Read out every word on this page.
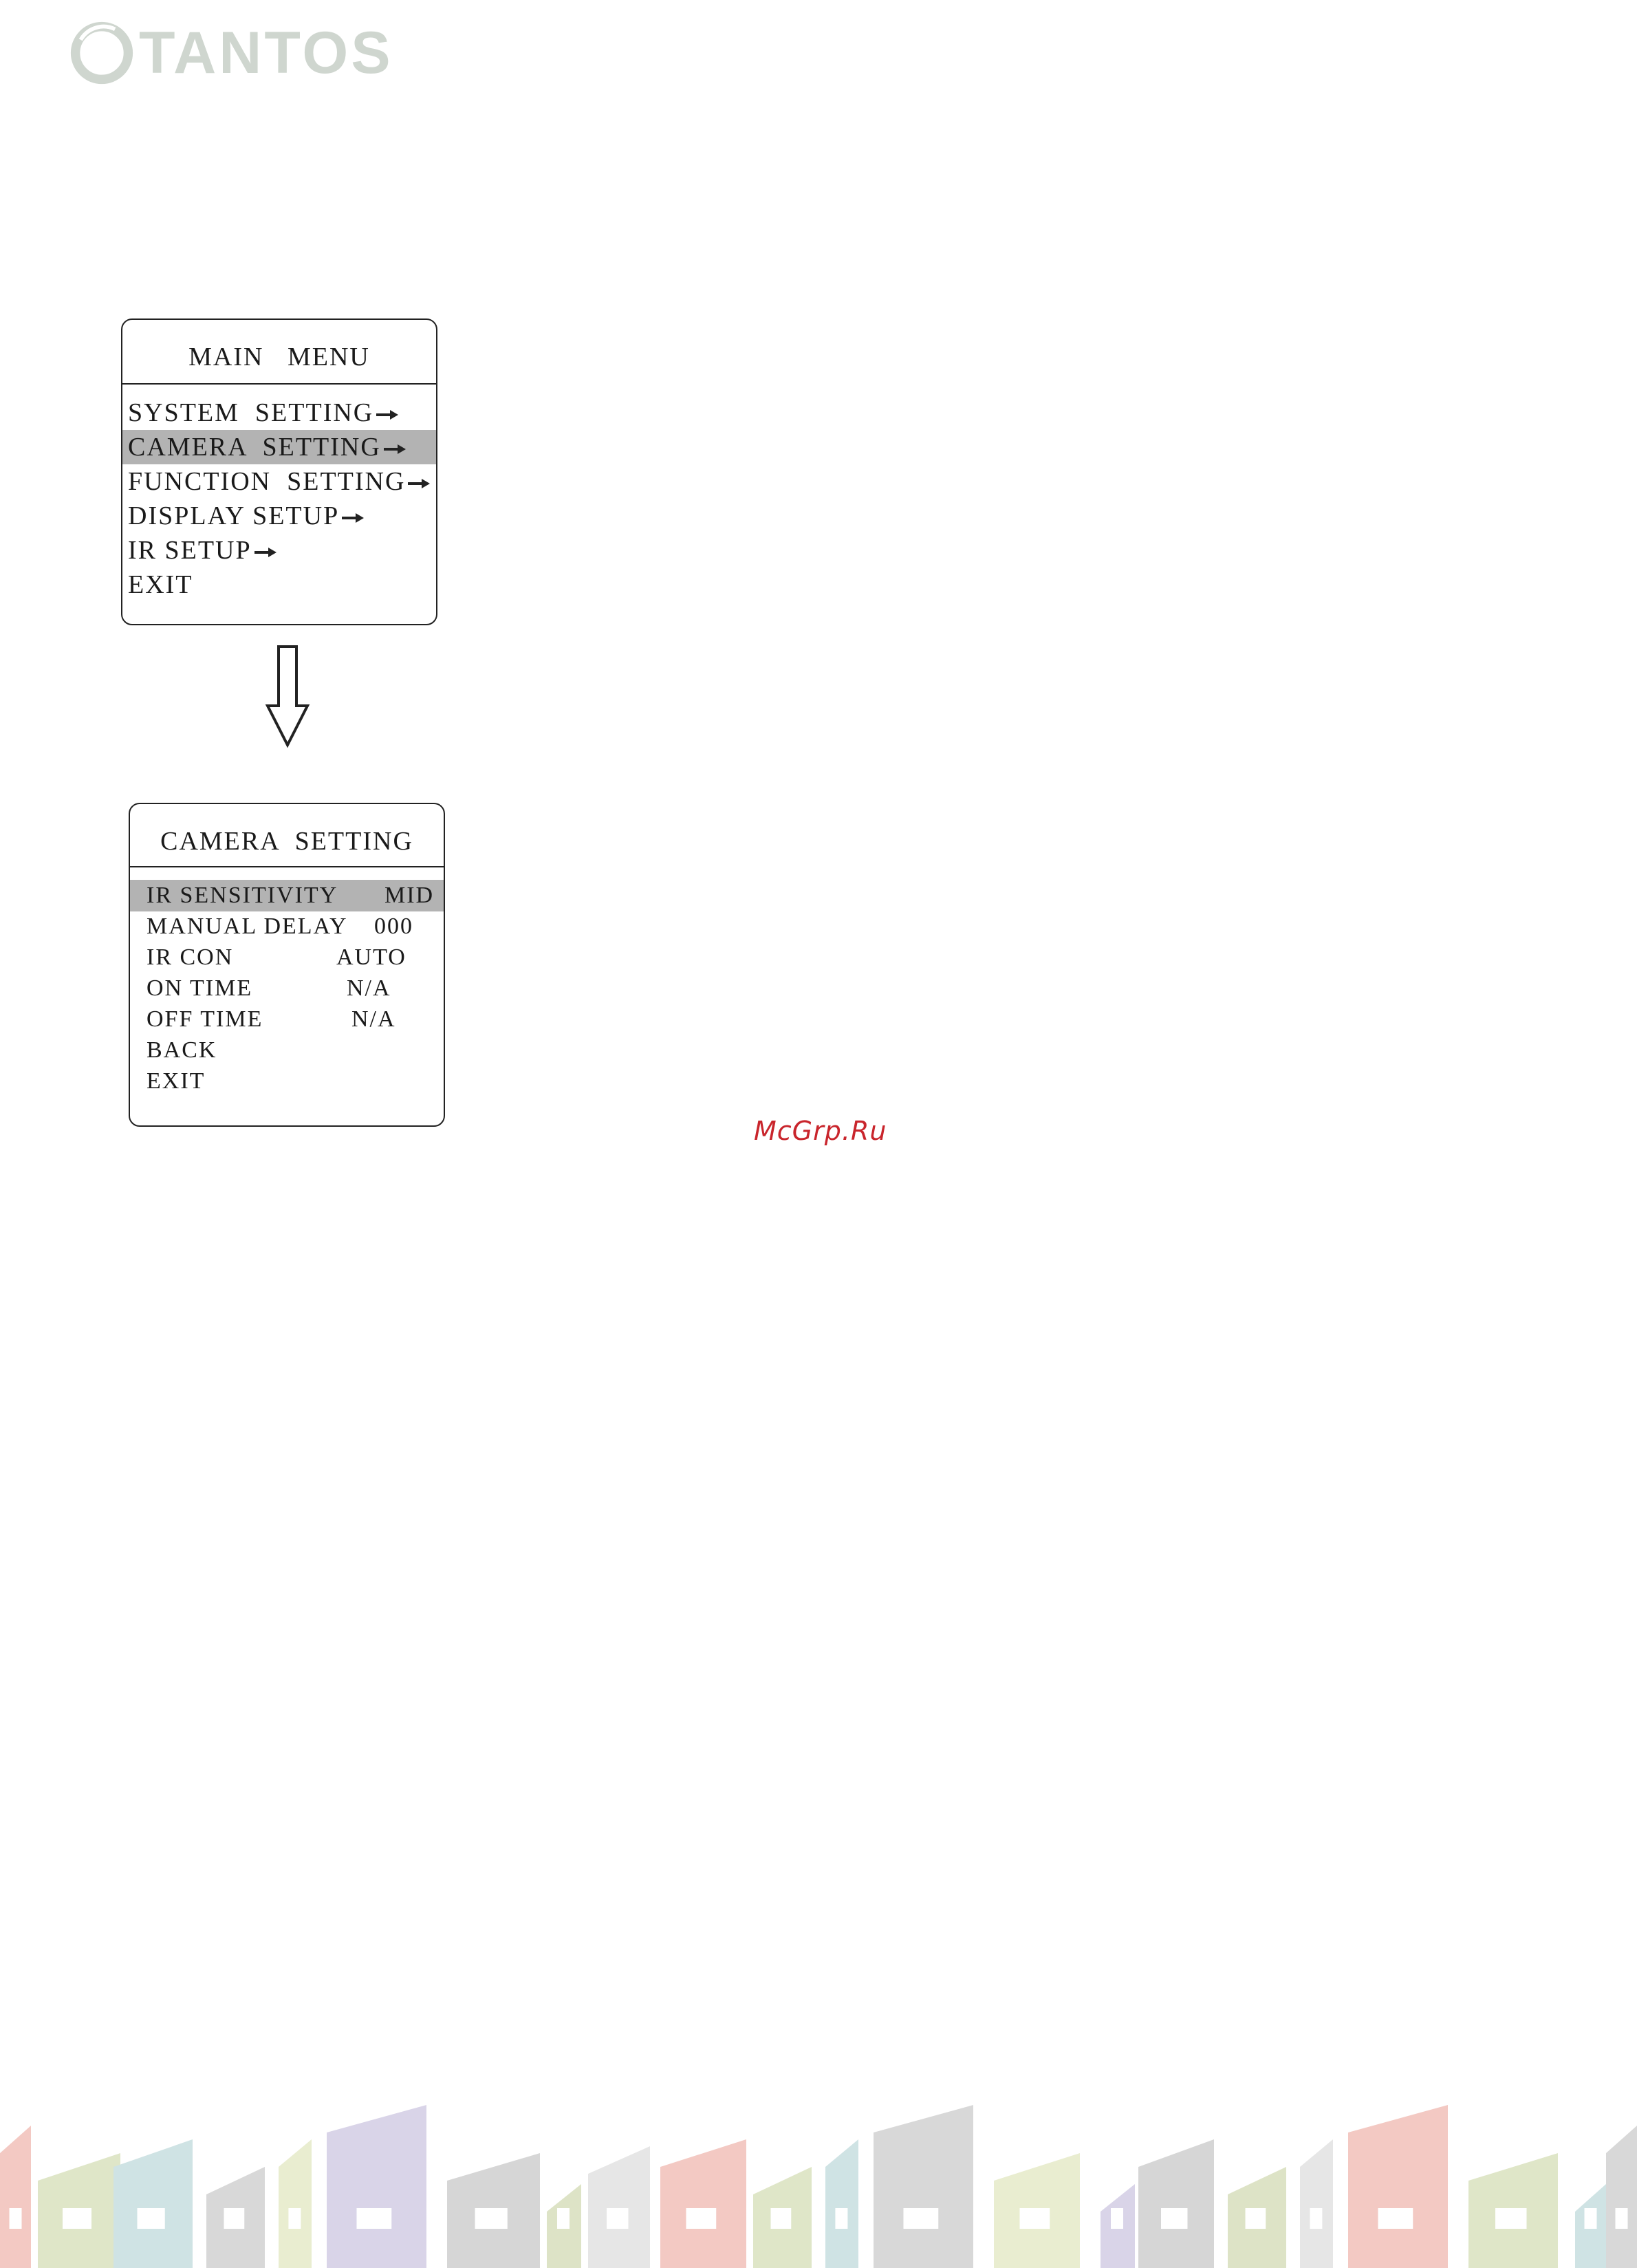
TANTOS
MAIN   MENU
SYSTEM  SETTING
CAMERA  SETTING
FUNCTION  SETTING
DISPLAY SETUP
IR SETUP
EXIT
CAMERA  SETTING
IR SENSITIVITY MID
MANUAL DELAY 000
IR CON	AUTO
ON TIME	N/A
OFF TIME	N/A
BACK
EXIT
McGrp.Ru
